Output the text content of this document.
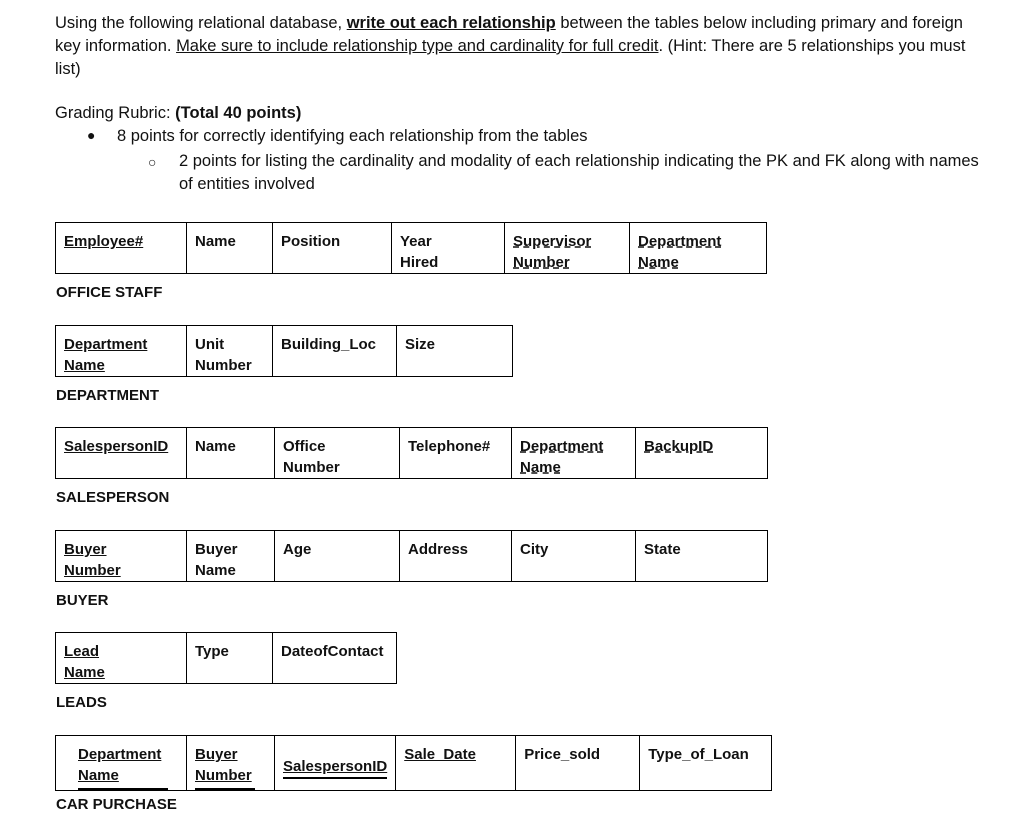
Using the following relational database, write out each relationship between the tables below including primary and foreign key information. Make sure to include relationship type and cardinality for full credit. (Hint: There are 5 relationships you must list)
Grading Rubric: (Total 40 points)
● 8 points for correctly identifying each relationship from the tables
○ 2 points for listing the cardinality and modality of each relationship indicating the PK and FK along with names of entities involved
Employee#	Name	Position	Year Hired	Supervisor Number	Department Name
OFFICE STAFF
Department Name	Unit Number	Building_Loc	Size
DEPARTMENT
SalespersonID	Name	Office Number	Telephone#	Department Name	BackupID
SALESPERSON
Buyer Number	Buyer Name	Age	Address	City	State
BUYER
Lead Name	Type	DateofContact
LEADS
Department Name	Buyer Number	SalespersonID	Sale_Date	Price_sold	Type_of_Loan
CAR PURCHASE
